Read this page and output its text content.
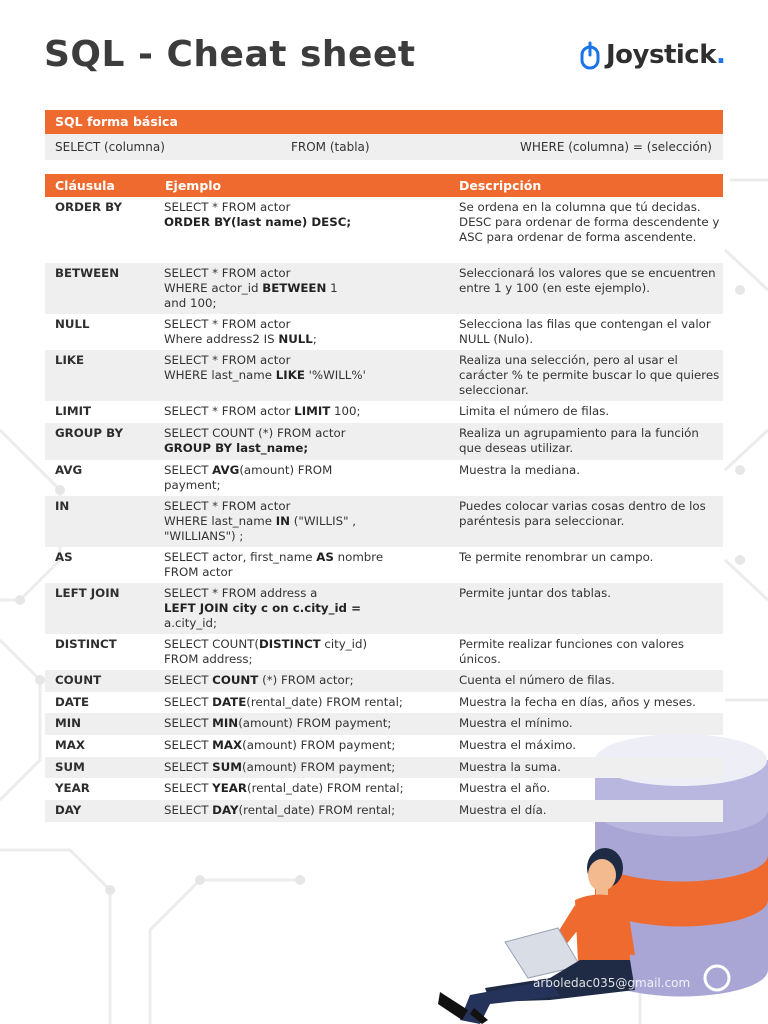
SQL - Cheat sheet	Joystick.
SQL forma básica
SELECT (columna)	FROM (tabla)	WHERE (columna) = (selección)
Cláusula	Ejemplo	Descripción
ORDER BY	SELECT * FROM actor
ORDER BY(last name) DESC;
Se ordena en la columna que tú decidas. DESC para ordenar de forma descendente y ASC para ordenar de forma ascendente.
BETWEEN	SELECT * FROM actor
WHERE actor_id BETWEEN 1
and 100;
Seleccionará los valores que se encuentren entre 1 y 100 (en este ejemplo).
NULL	SELECT * FROM actor
Where address2 IS NULL;
Selecciona las filas que contengan el valor NULL (Nulo).
LIKE	SELECT * FROM actor
WHERE last_name LIKE '%WILL%'
Realiza una selección, pero al usar el carácter % te permite buscar lo que quieres seleccionar.
LIMIT	SELECT * FROM actor LIMIT 100;	Limita el número de filas.
GROUP BY	SELECT COUNT (*) FROM actor
GROUP BY last_name;
Realiza un agrupamiento para la función que deseas utilizar.
AVG	SELECT AVG(amount) FROM
payment;
Muestra la mediana.
IN	SELECT * FROM actor
WHERE last_name IN ("WILLIS" ,
"WILLIANS") ;
Puedes colocar varias cosas dentro de los paréntesis para seleccionar.
AS	SELECT actor, first_name AS nombre
FROM actor
Te permite renombrar un campo.
LEFT JOIN	SELECT * FROM address a
LEFT JOIN city c on c.city_id =
a.city_id;
Permite juntar dos tablas.
DISTINCT	SELECT COUNT(DISTINCT city_id)
FROM address;
Permite realizar funciones con valores únicos.
COUNT	SELECT COUNT (*) FROM actor;	Cuenta el número de filas.
DATE	SELECT DATE(rental_date) FROM rental;	Muestra la fecha en días, años y meses.
MIN	SELECT MIN(amount) FROM payment;	Muestra el mínimo.
MAX	SELECT MAX(amount) FROM payment;	Muestra el máximo.
SUM	SELECT SUM(amount) FROM payment;	Muestra la suma.
YEAR	SELECT YEAR(rental_date) FROM rental;	Muestra el año.
DAY	SELECT DAY(rental_date) FROM rental;	Muestra el día.
arboledac035@gmail.com
